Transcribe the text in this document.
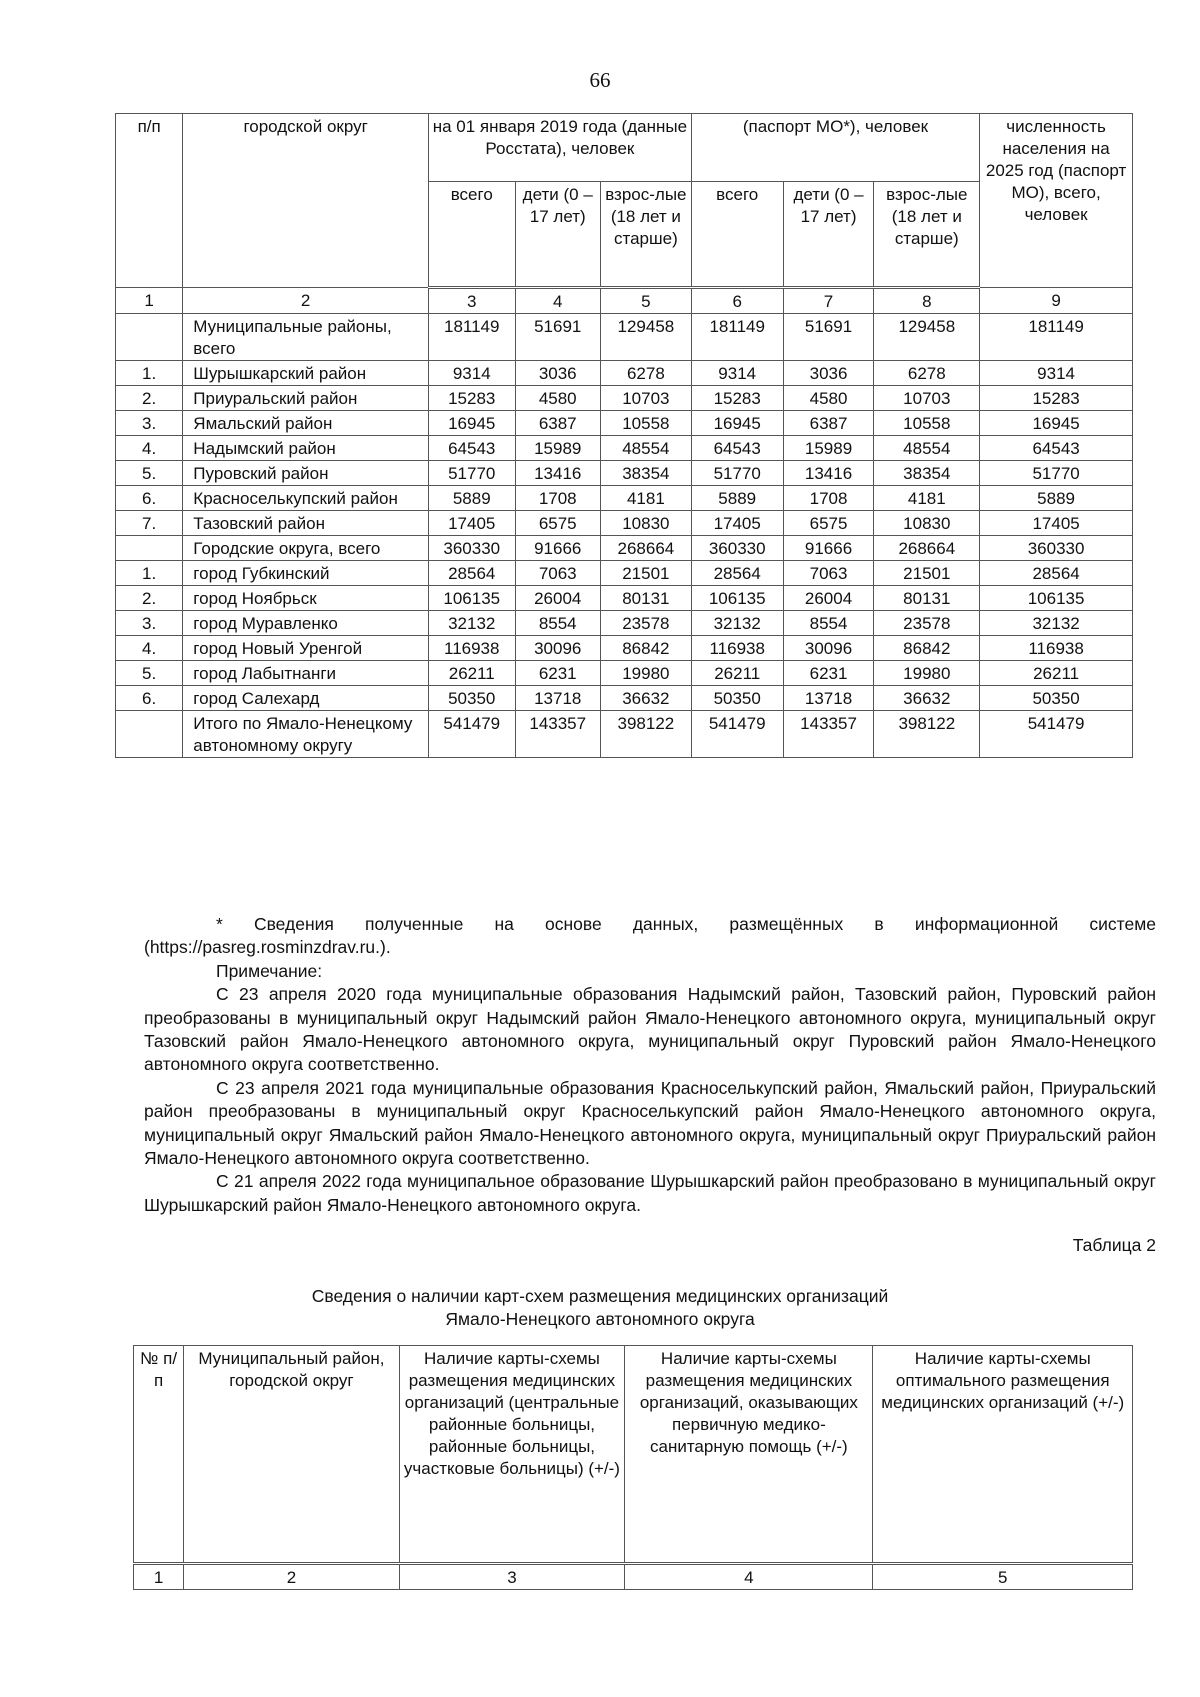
66
п/п	городской округ	на 01 января 2019 года (данные Росстата), человек			(паспорт МО*), человек			численность населения на 2025 год (паспорт МО), всего, человек
		всего	дети (0 – 17 лет)	взрос-лые (18 лет и старше)	всего	дети (0 – 17 лет)	взрос-лые (18 лет и старше)	
1	2	3	4	5	6	7	8	9
	Муниципальные районы, всего	181149	51691	129458	181149	51691	129458	181149
1.	Шурышкарский район	9314	3036	6278	9314	3036	6278	9314
2.	Приуральский район	15283	4580	10703	15283	4580	10703	15283
3.	Ямальский район	16945	6387	10558	16945	6387	10558	16945
4.	Надымский район	64543	15989	48554	64543	15989	48554	64543
5.	Пуровский район	51770	13416	38354	51770	13416	38354	51770
6.	Красноселькупский район	5889	1708	4181	5889	1708	4181	5889
7.	Тазовский район	17405	6575	10830	17405	6575	10830	17405
	Городские округа, всего	360330	91666	268664	360330	91666	268664	360330
1.	город Губкинский	28564	7063	21501	28564	7063	21501	28564
2.	город Ноябрьск	106135	26004	80131	106135	26004	80131	106135
3.	город Муравленко	32132	8554	23578	32132	8554	23578	32132
4.	город Новый Уренгой	116938	30096	86842	116938	30096	86842	116938
5.	город Лабытнанги	26211	6231	19980	26211	6231	19980	26211
6.	город Салехард	50350	13718	36632	50350	13718	36632	50350
	Итого по Ямало-Ненецкому автономному округу	541479	143357	398122	541479	143357	398122	541479

* Сведения полученные на основе данных, размещённых в информационной системе (https://pasreg.rosminzdrav.ru.).

Примечание:

С 23 апреля 2020 года муниципальные образования Надымский район, Тазовский район, Пуровский район преобразованы в муниципальный округ Надымский район Ямало-Ненецкого автономного округа, муниципальный округ Тазовский район Ямало-Ненецкого автономного округа, муниципальный округ Пуровский район Ямало-Ненецкого автономного округа соответственно.

С 23 апреля 2021 года муниципальные образования Красноселькупский район, Ямальский район, Приуральский район преобразованы в муниципальный округ Красноселькупский район Ямало-Ненецкого автономного округа, муниципальный округ Ямальский район Ямало-Ненецкого автономного округа, муниципальный округ Приуральский район Ямало-Ненецкого автономного округа соответственно.

С 21 апреля 2022 года муниципальное образование Шурышкарский район преобразовано в муниципальный округ Шурышкарский район Ямало-Ненецкого автономного округа.

Таблица 2
Сведения о наличии карт-схем размещения медицинских организаций
Ямало-Ненецкого автономного округа
№ п/п	Муниципальный район, городской округ	Наличие карты-схемы размещения медицинских организаций (центральные районные больницы, районные больницы, участковые больницы) (+/-)	Наличие карты-схемы размещения медицинских организаций, оказывающих первичную медико-санитарную помощь (+/-)	Наличие карты-схемы оптимального размещения медицинских организаций (+/-)
1	2	3	4	5
